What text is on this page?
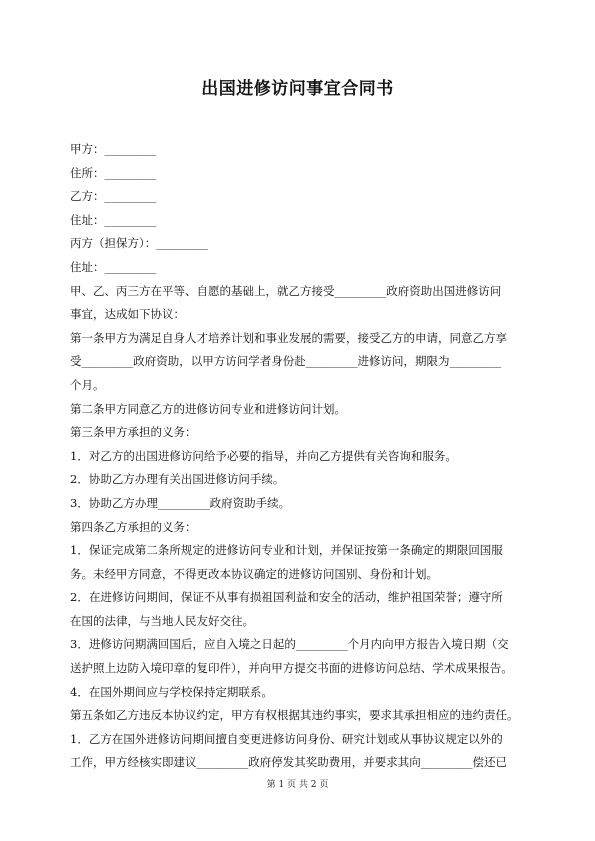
出国进修访问事宜合同书

甲方：_________

住所：_________

乙方：_________

住址：_________

丙方（担保方）：_________

住址：_________

甲、乙、丙三方在平等、自愿的基础上，就乙方接受_________政府资助出国进修访问

事宜，达成如下协议：

第一条甲方为满足自身人才培养计划和事业发展的需要，接受乙方的申请，同意乙方享

受_________政府资助，以甲方访问学者身份赴_________进修访问，期限为_________

个月。

第二条甲方同意乙方的进修访问专业和进修访问计划。

第三条甲方承担的义务：

1．对乙方的出国进修访问给予必要的指导，并向乙方提供有关咨询和服务。

2．协助乙方办理有关出国进修访问手续。

3．协助乙方办理_________政府资助手续。

第四条乙方承担的义务：

1．保证完成第二条所规定的进修访问专业和计划，并保证按第一条确定的期限回国服

务。未经甲方同意，不得更改本协议确定的进修访问国别、身份和计划。

2．在进修访问期间，保证不从事有损祖国利益和安全的活动，维护祖国荣誉；遵守所

在国的法律，与当地人民友好交往。

3．进修访问期满回国后，应自入境之日起的_________个月内向甲方报告入境日期（交

送护照上边防入境印章的复印件），并向甲方提交书面的进修访问总结、学术成果报告。

4．在国外期间应与学校保持定期联系。

第五条如乙方违反本协议约定，甲方有权根据其违约事实，要求其承担相应的违约责任。

1．乙方在国外进修访问期间擅自变更进修访问身份、研究计划或从事协议规定以外的

工作，甲方经核实即建议_________政府停发其奖助费用，并要求其向_________偿还已

第 1 页 共 2 页
